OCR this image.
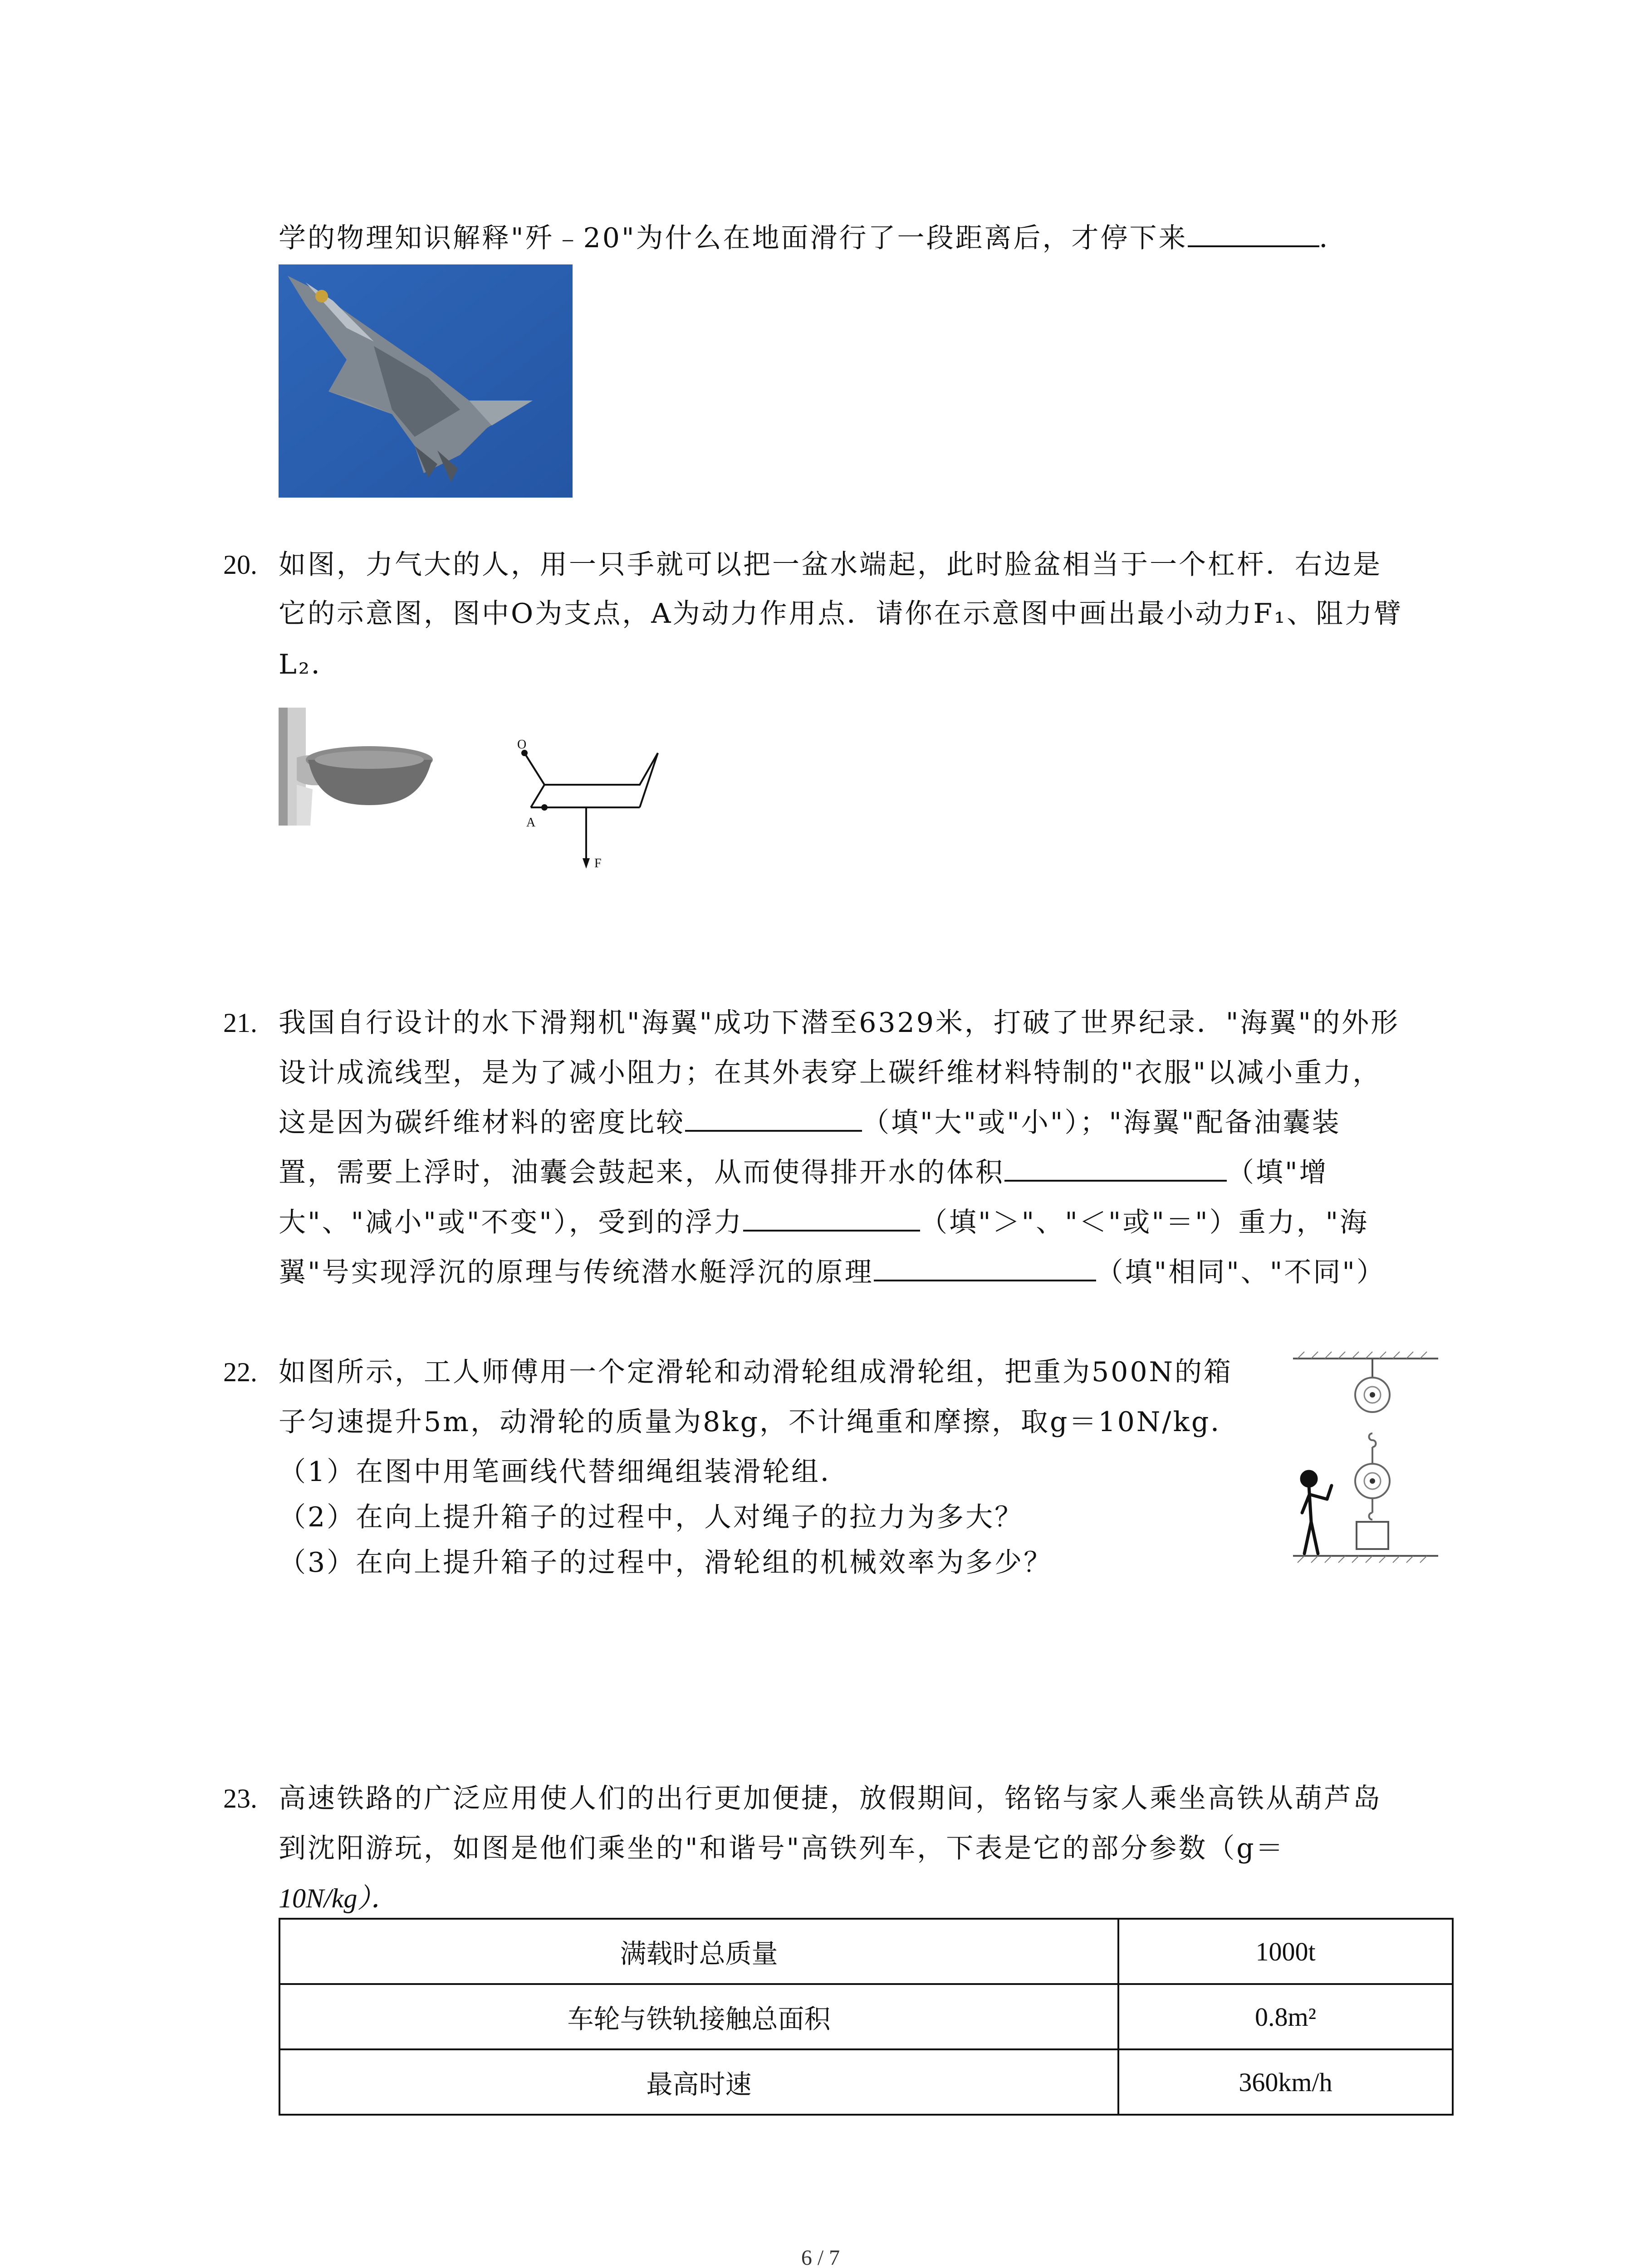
学的物理知识解释"歼﹣20"为什么在地面滑行了一段距离后，才停下来	．
20. 如图，力气大的人，用一只手就可以把一盆水端起，此时脸盆相当于一个杠杆．右边是
它的示意图，图中O为支点，A为动力作用点．请你在示意图中画出最小动力F₁、阻力臂
L₂．
O
A
F
21. 我国自行设计的水下滑翔机"海翼"成功下潜至6329米，打破了世界纪录．"海翼"的外形
设计成流线型，是为了减小阻力；在其外表穿上碳纤维材料特制的"衣服"以减小重力，
这是因为碳纤维材料的密度比较	（填"大"或"小"）；"海翼"配备油囊装
置，需要上浮时，油囊会鼓起来，从而使得排开水的体积	（填"增
大"、"减小"或"不变"），受到的浮力	（填"＞"、"＜"或"＝"）重力，"海
翼"号实现浮沉的原理与传统潜水艇浮沉的原理	（填"相同"、"不同"）
22. 如图所示，工人师傅用一个定滑轮和动滑轮组成滑轮组，把重为500N的箱
子匀速提升5m，动滑轮的质量为8kg，不计绳重和摩擦，取g＝10N/kg．
（1）在图中用笔画线代替细绳组装滑轮组．
（2）在向上提升箱子的过程中，人对绳子的拉力为多大？
（3）在向上提升箱子的过程中，滑轮组的机械效率为多少？
23. 高速铁路的广泛应用使人们的出行更加便捷，放假期间，铭铭与家人乘坐高铁从葫芦岛
到沈阳游玩，如图是他们乘坐的"和谐号"高铁列车，下表是它的部分参数（g＝
10N/kg）．
满载时总质量	1000t
车轮与铁轨接触总面积	0.8m²
最高时速	360km/h
6 / 7
